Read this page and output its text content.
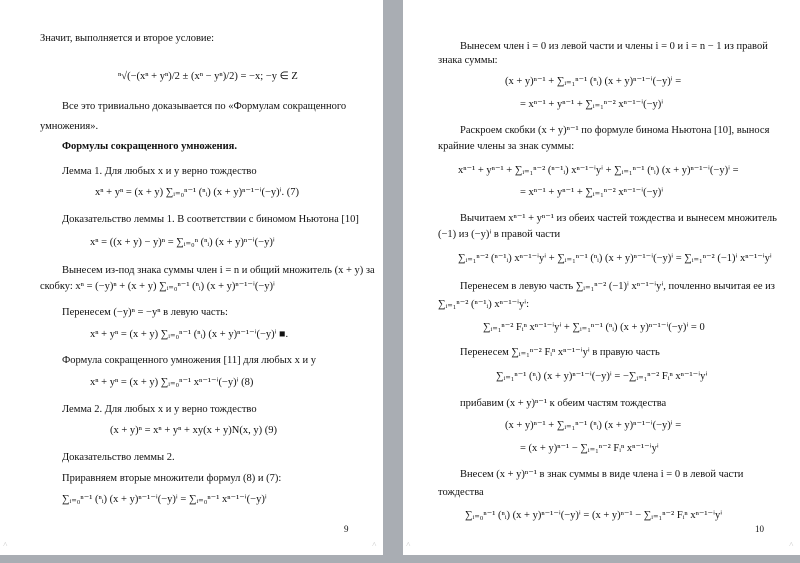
Значит, выполняется и второе условие:
ⁿ√(−(xⁿ + yⁿ)/2 ± (xⁿ − yⁿ)/2) = −x; −y ∈ Z
Все это тривиально доказывается по «Формулам сокращенного
умножения».
Формулы сокращенного умножения.
Лемма 1. Для любых x и y верно тождество
xⁿ + yⁿ = (x + y) ∑ᵢ₌₀ⁿ⁻¹ (ⁿᵢ) (x + y)ⁿ⁻¹⁻ⁱ(−y)ⁱ. (7)
Доказательство леммы 1. В соответствии с биномом Ньютона [10]
xⁿ = ((x + y) − y)ⁿ = ∑ᵢ₌₀ⁿ (ⁿᵢ) (x + y)ⁿ⁻ⁱ(−y)ⁱ
Вынесем из-под знака суммы член i = n и общий множитель (x + y) за
скобку: xⁿ = (−y)ⁿ + (x + y) ∑ᵢ₌₀ⁿ⁻¹ (ⁿᵢ) (x + y)ⁿ⁻¹⁻ⁱ(−y)ⁱ
Перенесем (−y)ⁿ = −yⁿ в левую часть:
xⁿ + yⁿ = (x + y) ∑ᵢ₌₀ⁿ⁻¹ (ⁿᵢ) (x + y)ⁿ⁻¹⁻ⁱ(−y)ⁱ ■.
Формула сокращенного умножения [11] для любых x и y
xⁿ + yⁿ = (x + y) ∑ᵢ₌₀ⁿ⁻¹ xⁿ⁻¹⁻ⁱ(−y)ⁱ (8)
Лемма 2. Для любых x и y верно тождество
(x + y)ⁿ = xⁿ + yⁿ + xy(x + y)N(x, y) (9)
Доказательство леммы 2.
Приравняем вторые множители формул (8) и (7):
∑ᵢ₌₀ⁿ⁻¹ (ⁿᵢ) (x + y)ⁿ⁻¹⁻ⁱ(−y)ⁱ = ∑ᵢ₌₀ⁿ⁻¹ xⁿ⁻¹⁻ⁱ(−y)ⁱ
9
˄	˄
Вынесем член i = 0 из левой части и члены i = 0 и i = n − 1 из правой
знака суммы:
(x + y)ⁿ⁻¹ + ∑ᵢ₌₁ⁿ⁻¹ (ⁿᵢ) (x + y)ⁿ⁻¹⁻ⁱ(−y)ⁱ =
= xⁿ⁻¹ + yⁿ⁻¹ + ∑ᵢ₌₁ⁿ⁻² xⁿ⁻¹⁻ⁱ(−y)ⁱ
Раскроем скобки (x + y)ⁿ⁻¹ по формуле бинома Ньютона [10], вынося
крайние члены за знак суммы:
xⁿ⁻¹ + yⁿ⁻¹ + ∑ᵢ₌₁ⁿ⁻² (ⁿ⁻¹ᵢ) xⁿ⁻¹⁻ⁱyⁱ + ∑ᵢ₌₁ⁿ⁻¹ (ⁿᵢ) (x + y)ⁿ⁻¹⁻ⁱ(−y)ⁱ =
= xⁿ⁻¹ + yⁿ⁻¹ + ∑ᵢ₌₁ⁿ⁻² xⁿ⁻¹⁻ⁱ(−y)ⁱ
Вычитаем xⁿ⁻¹ + yⁿ⁻¹ из обеих частей тождества и вынесем множитель
(−1) из (−y)ⁱ в правой части
∑ᵢ₌₁ⁿ⁻² (ⁿ⁻¹ᵢ) xⁿ⁻¹⁻ⁱyⁱ + ∑ᵢ₌₁ⁿ⁻¹ (ⁿᵢ) (x + y)ⁿ⁻¹⁻ⁱ(−y)ⁱ = ∑ᵢ₌₁ⁿ⁻² (−1)ⁱ xⁿ⁻¹⁻ⁱyⁱ
Перенесем в левую часть ∑ᵢ₌₁ⁿ⁻² (−1)ⁱ xⁿ⁻¹⁻ⁱyⁱ, почленно вычитая ее из
∑ᵢ₌₁ⁿ⁻² (ⁿ⁻¹ᵢ) xⁿ⁻¹⁻ⁱyⁱ:
∑ᵢ₌₁ⁿ⁻² Fᵢⁿ xⁿ⁻¹⁻ⁱyⁱ + ∑ᵢ₌₁ⁿ⁻¹ (ⁿᵢ) (x + y)ⁿ⁻¹⁻ⁱ(−y)ⁱ = 0
Перенесем ∑ᵢ₌₁ⁿ⁻² Fᵢⁿ xⁿ⁻¹⁻ⁱyⁱ в правую часть
∑ᵢ₌₁ⁿ⁻¹ (ⁿᵢ) (x + y)ⁿ⁻¹⁻ⁱ(−y)ⁱ = −∑ᵢ₌₁ⁿ⁻² Fᵢⁿ xⁿ⁻¹⁻ⁱyⁱ
прибавим (x + y)ⁿ⁻¹ к обеим частям тождества
(x + y)ⁿ⁻¹ + ∑ᵢ₌₁ⁿ⁻¹ (ⁿᵢ) (x + y)ⁿ⁻¹⁻ⁱ(−y)ⁱ =
= (x + y)ⁿ⁻¹ − ∑ᵢ₌₁ⁿ⁻² Fᵢⁿ xⁿ⁻¹⁻ⁱyⁱ
Внесем (x + y)ⁿ⁻¹ в знак суммы в виде члена i = 0 в левой части
тождества
∑ᵢ₌₀ⁿ⁻¹ (ⁿᵢ) (x + y)ⁿ⁻¹⁻ⁱ(−y)ⁱ = (x + y)ⁿ⁻¹ − ∑ᵢ₌₁ⁿ⁻² Fᵢⁿ xⁿ⁻¹⁻ⁱyⁱ
10
˄	˄
